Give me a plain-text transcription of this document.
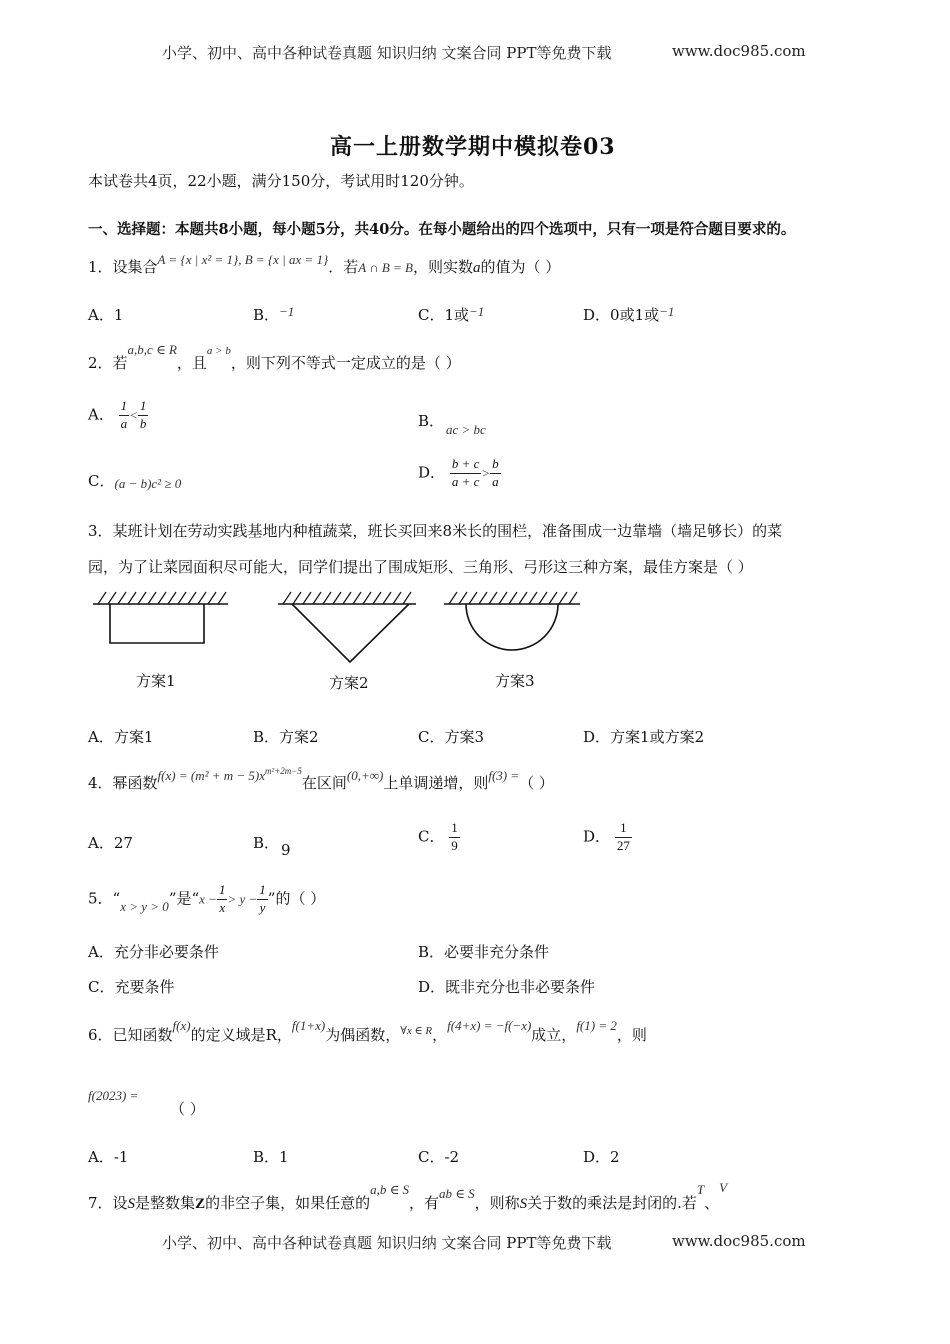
小学、初中、高中各种试卷真题 知识归纳 文案合同 PPT等免费下载	www.doc985.com
高一上册数学期中模拟卷03
本试卷共4页，22小题，满分150分，考试用时120分钟。
一、选择题：本题共8小题，每小题5分，共40分。在每小题给出的四个选项中，只有一项是符合题目要求的。
1．设集合A = {x | x² = 1}, B = {x | ax = 1}．若A ∩ B = B，则实数a的值为（ ）
A．1	B．−1	C．1或−1	D．0或1或−1
2．若a,b,c ∈ R，且$^{a > b}$，则下列不等式一定成立的是（ ）
A． $\frac{1}{a} < \frac{1}{b}$	B． ac > bc
C．(a − b)c² ≥ 0
D． $\frac{b + c}{a + c} > \frac{b}{a}$
3．某班计划在劳动实践基地内种植蔬菜，班长买回来8米长的围栏，准备围成一边靠墙（墙足够长）的菜
园，为了让菜园面积尽可能大，同学们提出了围成矩形、三角形、弓形这三种方案，最佳方案是（ ）
方案1	方案2	方案3
A．方案1	B．方案2	C．方案3	D．方案1或方案2
4．幂函数$f(x) = (m^2 + m - 5)x^{m^2+2m-5}$在区间(0,+∞)上单调递增，则f(3) =（ ）
A．27	B． 9
C． $\frac{1}{9}$	D． $\frac{1}{27}$
5．“x > y > 0”是“$x - \frac{1}{x} > y - \frac{1}{y}$ ”的（ ）
A．充分非必要条件	B．必要非充分条件
C．充要条件	D．既非充分也非必要条件
6．已知函数f(x)的定义域是R，f(1+x)为偶函数，$^{\forall x \in R}$，f(4+x) = −f(−x)成立，f(1) = 2，则
f(2023) =
（ ）
A．-1	B．1	C．-2	D．2
7．设S是整数集Z的非空子集，如果任意的a,b ∈ S，有ab ∈ S，则称S关于数的乘法是封闭的.若T、V
小学、初中、高中各种试卷真题 知识归纳 文案合同 PPT等免费下载	www.doc985.com
